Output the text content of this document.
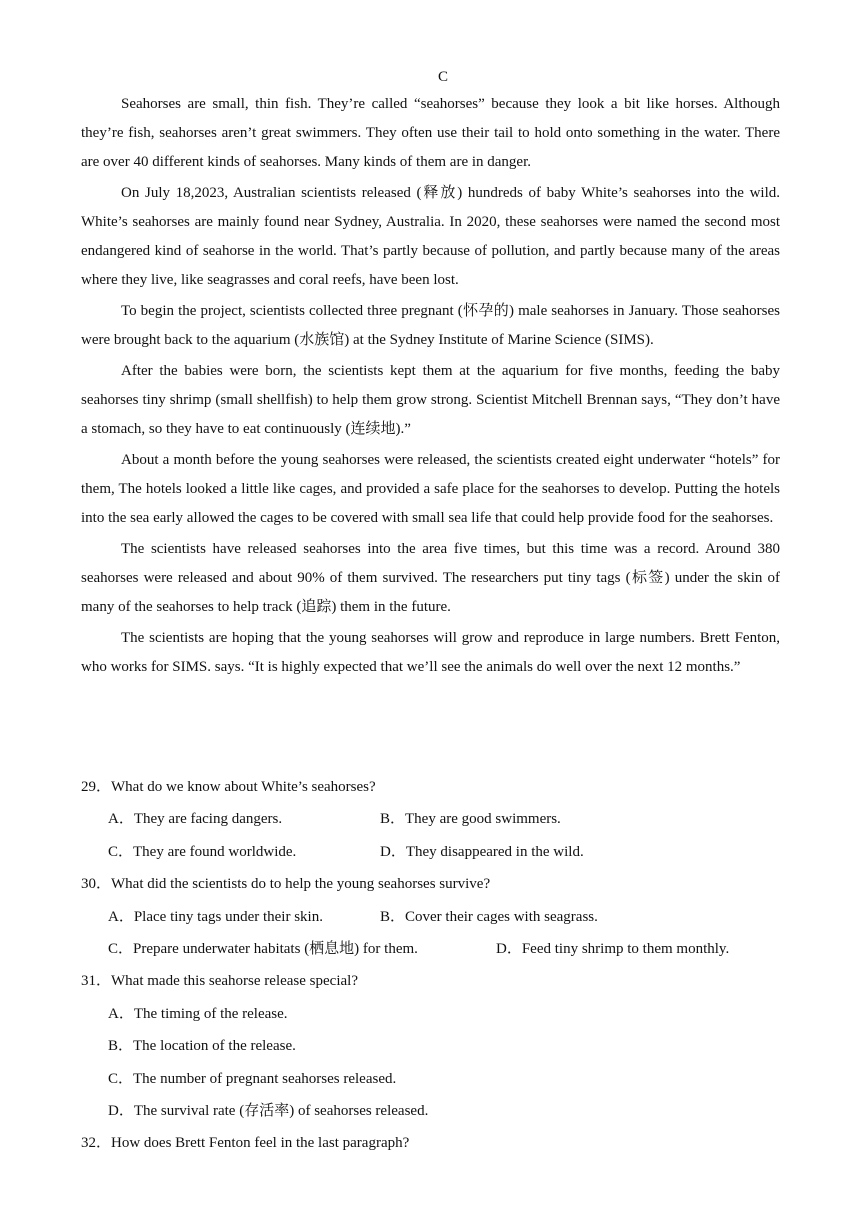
C

Seahorses are small, thin fish. They’re called “seahorses” because they look a bit like horses. Although they’re fish, seahorses aren’t great swimmers. They often use their tail to hold onto something in the water. There are over 40 different kinds of seahorses. Many kinds of them are in danger.

On July 18,2023, Australian scientists released (释放) hundreds of baby White’s seahorses into the wild. White’s seahorses are mainly found near Sydney, Australia. In 2020, these seahorses were named the second most endangered kind of seahorse in the world. That’s partly because of pollution, and partly because many of the areas where they live, like seagrasses and coral reefs, have been lost.

To begin the project, scientists collected three pregnant (怀孕的) male seahorses in January. Those seahorses were brought back to the aquarium (水族馆) at the Sydney Institute of Marine Science (SIMS).

After the babies were born, the scientists kept them at the aquarium for five months, feeding the baby seahorses tiny shrimp (small shellfish) to help them grow strong. Scientist Mitchell Brennan says, “They don’t have a stomach, so they have to eat continuously (连续地).”

About a month before the young seahorses were released, the scientists created eight underwater “hotels” for them, The hotels looked a little like cages, and provided a safe place for the seahorses to develop. Putting the hotels into the sea early allowed the cages to be covered with small sea life that could help provide food for the seahorses.

The scientists have released seahorses into the area five times, but this time was a record. Around 380 seahorses were released and about 90% of them survived. The researchers put tiny tags (标签) under the skin of many of the seahorses to help track (追踪) them in the future.

The scientists are hoping that the young seahorses will grow and reproduce in large numbers. Brett Fenton, who works for SIMS. says. “It is highly expected that we’ll see the animals do well over the next 12 months.”

29．What do we know about White’s seahorses?
A．They are facing dangers.	B．They are good swimmers.
C．They are found worldwide.	D．They disappeared in the wild.
30．What did the scientists do to help the young seahorses survive?
A．Place tiny tags under their skin.	B．Cover their cages with seagrass.
C．Prepare underwater habitats (栖息地) for them.	D．Feed tiny shrimp to them monthly.
31．What made this seahorse release special?
A．The timing of the release.
B．The location of the release.
C．The number of pregnant seahorses released.
D．The survival rate (存活率) of seahorses released.
32．How does Brett Fenton feel in the last paragraph?
